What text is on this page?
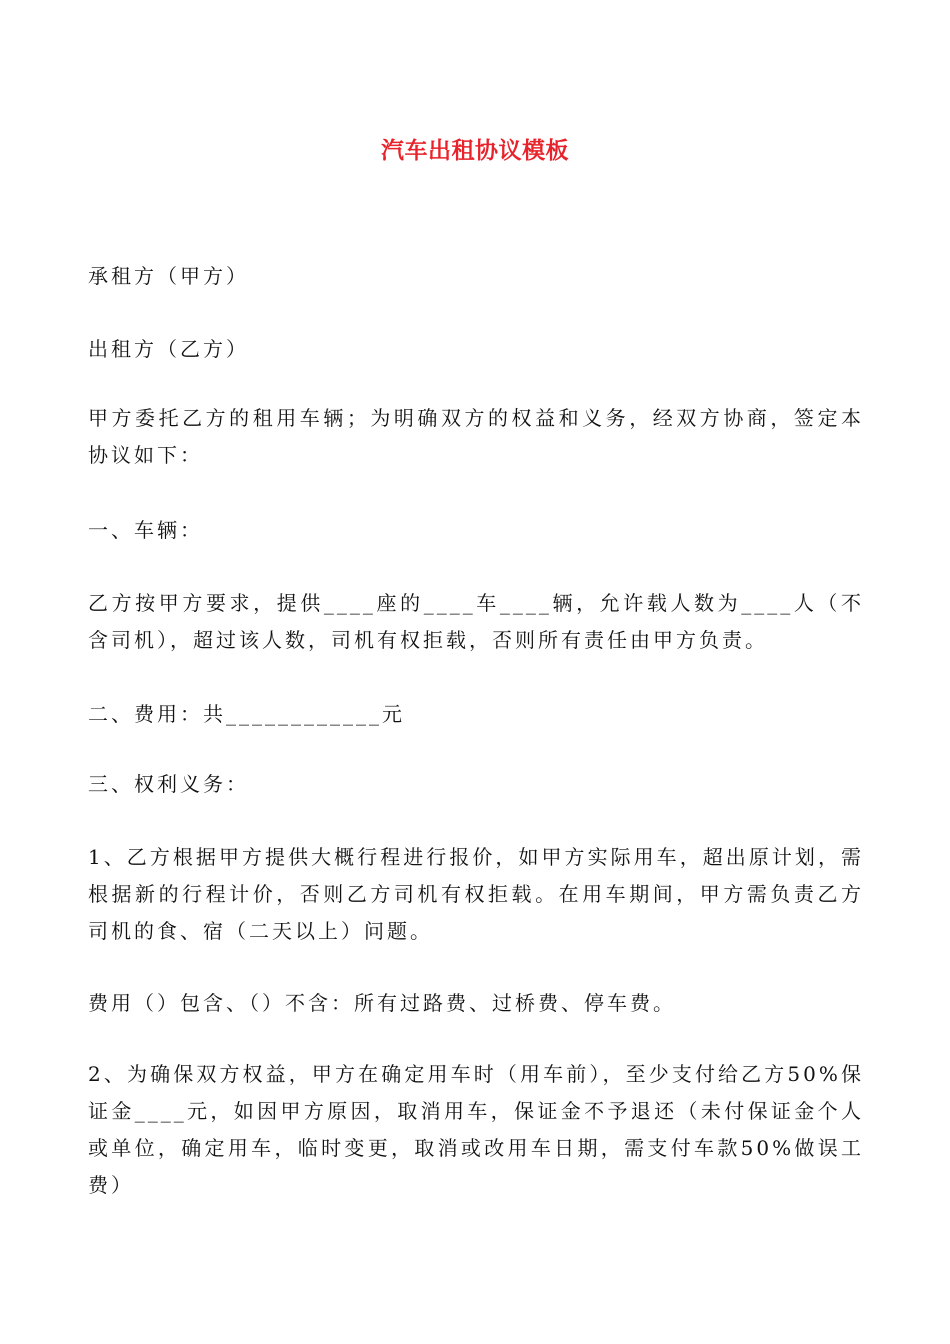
汽车出租协议模板
承租方（甲方）
出租方（乙方）
甲方委托乙方的租用车辆；为明确双方的权益和义务，经双方协商，签定本协议如下：
一、车辆：
乙方按甲方要求，提供____座的____车____辆，允许载人数为____人（不含司机），超过该人数，司机有权拒载，否则所有责任由甲方负责。
二、费用：共____________元
三、权利义务：
1、乙方根据甲方提供大概行程进行报价，如甲方实际用车，超出原计划，需根据新的行程计价，否则乙方司机有权拒载。在用车期间，甲方需负责乙方司机的食、宿（二天以上）问题。
费用（）包含、（）不含：所有过路费、过桥费、停车费。
2、为确保双方权益，甲方在确定用车时（用车前），至少支付给乙方50%保证金____元，如因甲方原因，取消用车，保证金不予退还（未付保证金个人或单位，确定用车，临时变更，取消或改用车日期，需支付车款50%做误工费）
